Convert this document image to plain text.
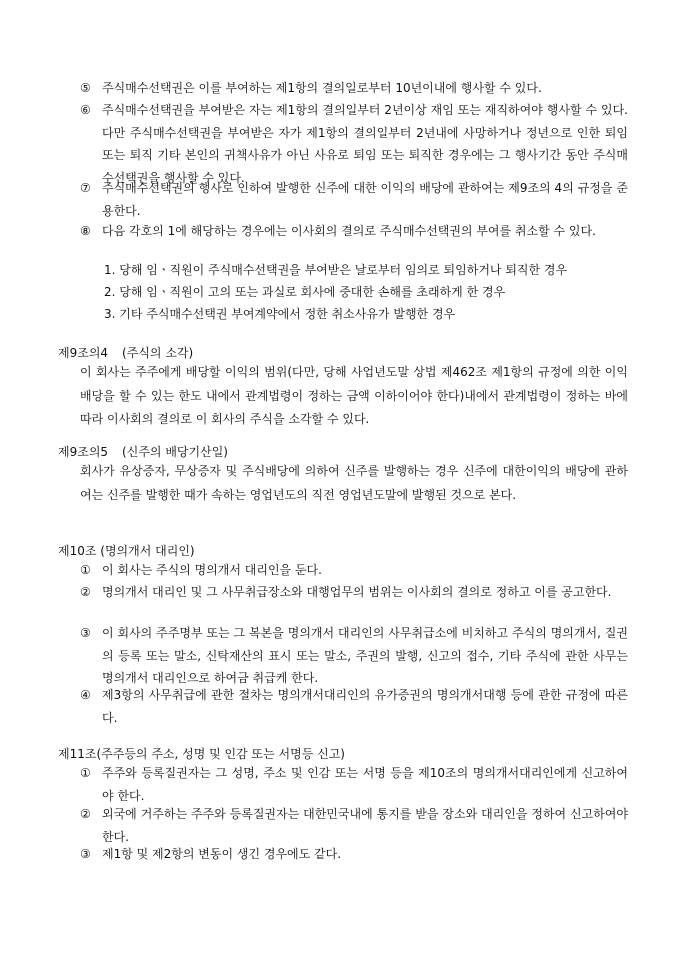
⑤ 주식매수선택권은 이를 부여하는 제1항의 결의일로부터 10년이내에 행사할 수 있다.
⑥ 주식매수선택권을 부여받은 자는 제1항의 결의일부터 2년이상 재임 또는 재직하여야 행사할 수 있다. 다만 주식매수선택권을 부여받은 자가 제1항의 결의일부터 2년내에 사망하거나 정년으로 인한 퇴임 또는 퇴직 기타 본인의 귀책사유가 아닌 사유로 퇴임 또는 퇴직한 경우에는 그 행사기간 동안 주식매수선택권을 행사할 수 있다.
⑦ 주식매수선택권의 행사로 인하여 발행한 신주에 대한 이익의 배당에 관하여는 제9조의 4의 규정을 준용한다.
⑧ 다음 각호의 1에 해당하는 경우에는 이사회의 결의로 주식매수선택권의 부여를 취소할 수 있다.
1. 당해 임ㆍ직원이 주식매수선택권을 부여받은 날로부터 임의로 퇴임하거나 퇴직한 경우
2. 당해 임ㆍ직원이 고의 또는 과실로 회사에 중대한 손해를 초래하게 한 경우
3. 기타 주식매수선택권 부여계약에서 정한 취소사유가 발행한 경우
제9조의4 (주식의 소각)
이 회사는 주주에게 배당할 이익의 범위(다만, 당해 사업년도말 상법 제462조 제1항의 규정에 의한 이익배당을 할 수 있는 한도 내에서 관계법령이 정하는 금액 이하이어야 한다)내에서 관계법령이 정하는 바에 따라 이사회의 결의로 이 회사의 주식을 소각할 수 있다.
제9조의5 (신주의 배당기산일)
회사가 유상증자, 무상증자 및 주식배당에 의하여 신주를 발행하는 경우 신주에 대한이익의 배당에 관하여는 신주를 발행한 때가 속하는 영업년도의 직전 영업년도말에 발행된 것으로 본다.
제10조 (명의개서 대리인)
① 이 회사는 주식의 명의개서 대리인을 둔다.
② 명의개서 대리인 및 그 사무취급장소와 대행업무의 범위는 이사회의 결의로 정하고 이를 공고한다.
③ 이 회사의 주주명부 또는 그 복본을 명의개서 대리인의 사무취급소에 비치하고 주식의 명의개서, 질권의 등록 또는 말소, 신탁재산의 표시 또는 말소, 주권의 발행, 신고의 접수, 기타 주식에 관한 사무는 명의개서 대리인으로 하여금 취급케 한다.
④ 제3항의 사무취급에 관한 절차는 명의개서대리인의 유가증권의 명의개서대행 등에 관한 규정에 따른다.
제11조(주주등의 주소, 성명 및 인감 또는 서명등 신고)
① 주주와 등록질권자는 그 성명, 주소 및 인감 또는 서명 등을 제10조의 명의개서대리인에게 신고하여야 한다.
② 외국에 거주하는 주주와 등록질권자는 대한민국내에 통지를 받을 장소와 대리인을 정하여 신고하여야 한다.
③ 제1항 및 제2항의 변동이 생긴 경우에도 같다.
